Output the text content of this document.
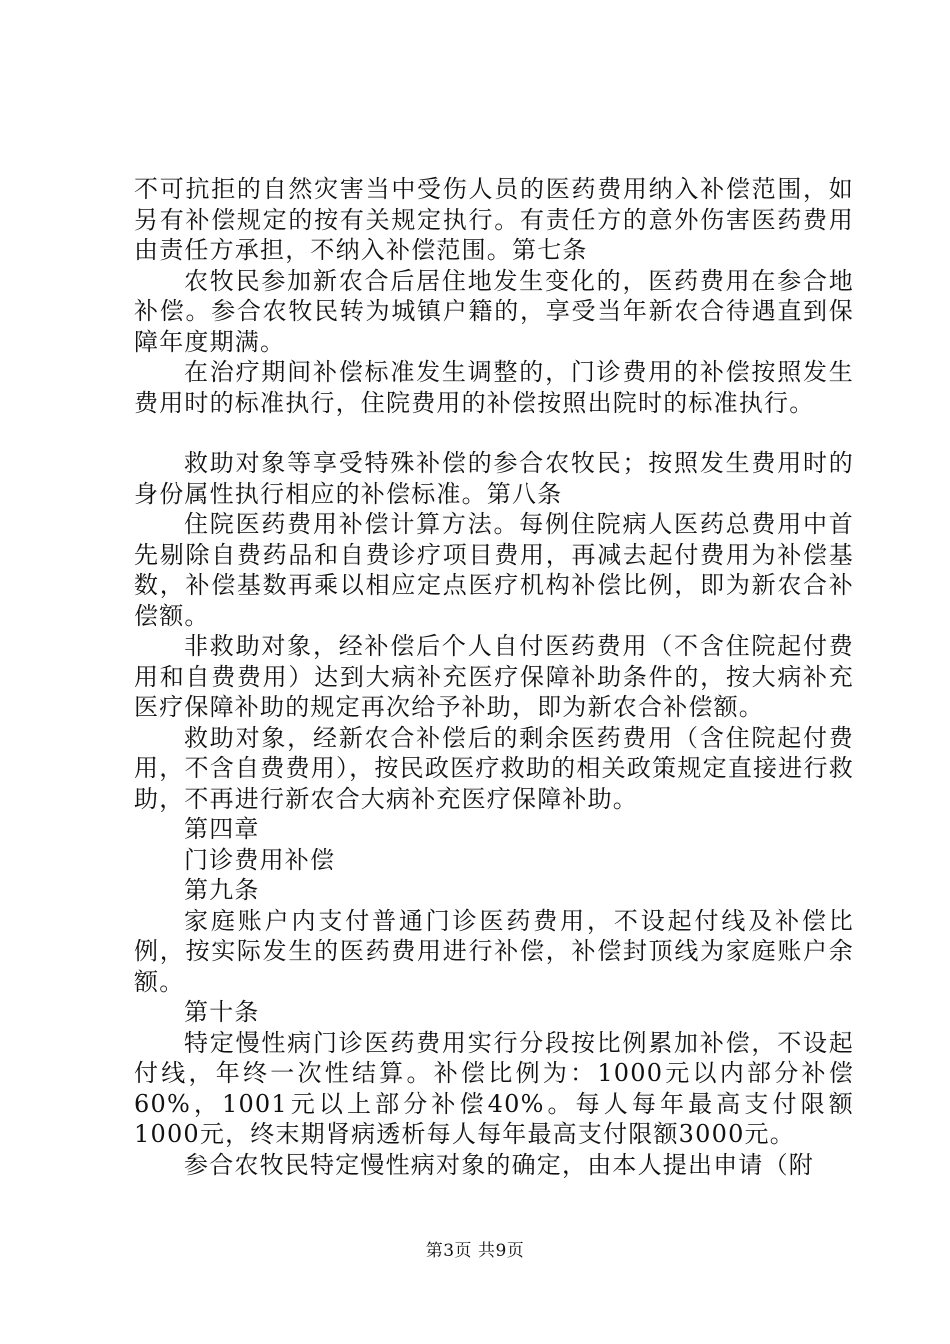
不可抗拒的自然灾害当中受伤人员的医药费用纳入补偿范围，如另有补偿规定的按有关规定执行。有责任方的意外伤害医药费用由责任方承担，不纳入补偿范围。第七条

农牧民参加新农合后居住地发生变化的，医药费用在参合地补偿。参合农牧民转为城镇户籍的，享受当年新农合待遇直到保障年度期满。

在治疗期间补偿标准发生调整的，门诊费用的补偿按照发生费用时的标准执行，住院费用的补偿按照出院时的标准执行。

救助对象等享受特殊补偿的参合农牧民；按照发生费用时的身份属性执行相应的补偿标准。第八条

住院医药费用补偿计算方法。每例住院病人医药总费用中首先剔除自费药品和自费诊疗项目费用，再减去起付费用为补偿基数，补偿基数再乘以相应定点医疗机构补偿比例，即为新农合补偿额。

非救助对象，经补偿后个人自付医药费用（不含住院起付费用和自费费用）达到大病补充医疗保障补助条件的，按大病补充医疗保障补助的规定再次给予补助，即为新农合补偿额。

救助对象，经新农合补偿后的剩余医药费用（含住院起付费用，不含自费费用），按民政医疗救助的相关政策规定直接进行救助，不再进行新农合大病补充医疗保障补助。

第四章

门诊费用补偿

第九条

家庭账户内支付普通门诊医药费用，不设起付线及补偿比例，按实际发生的医药费用进行补偿，补偿封顶线为家庭账户余额。

第十条

特定慢性病门诊医药费用实行分段按比例累加补偿，不设起付线，年终一次性结算。补偿比例为：1000元以内部分补偿60%，1001元以上部分补偿40%。每人每年最高支付限额1000元，终末期肾病透析每人每年最高支付限额3000元。

参合农牧民特定慢性病对象的确定，由本人提出申请（附

第3页 共9页
